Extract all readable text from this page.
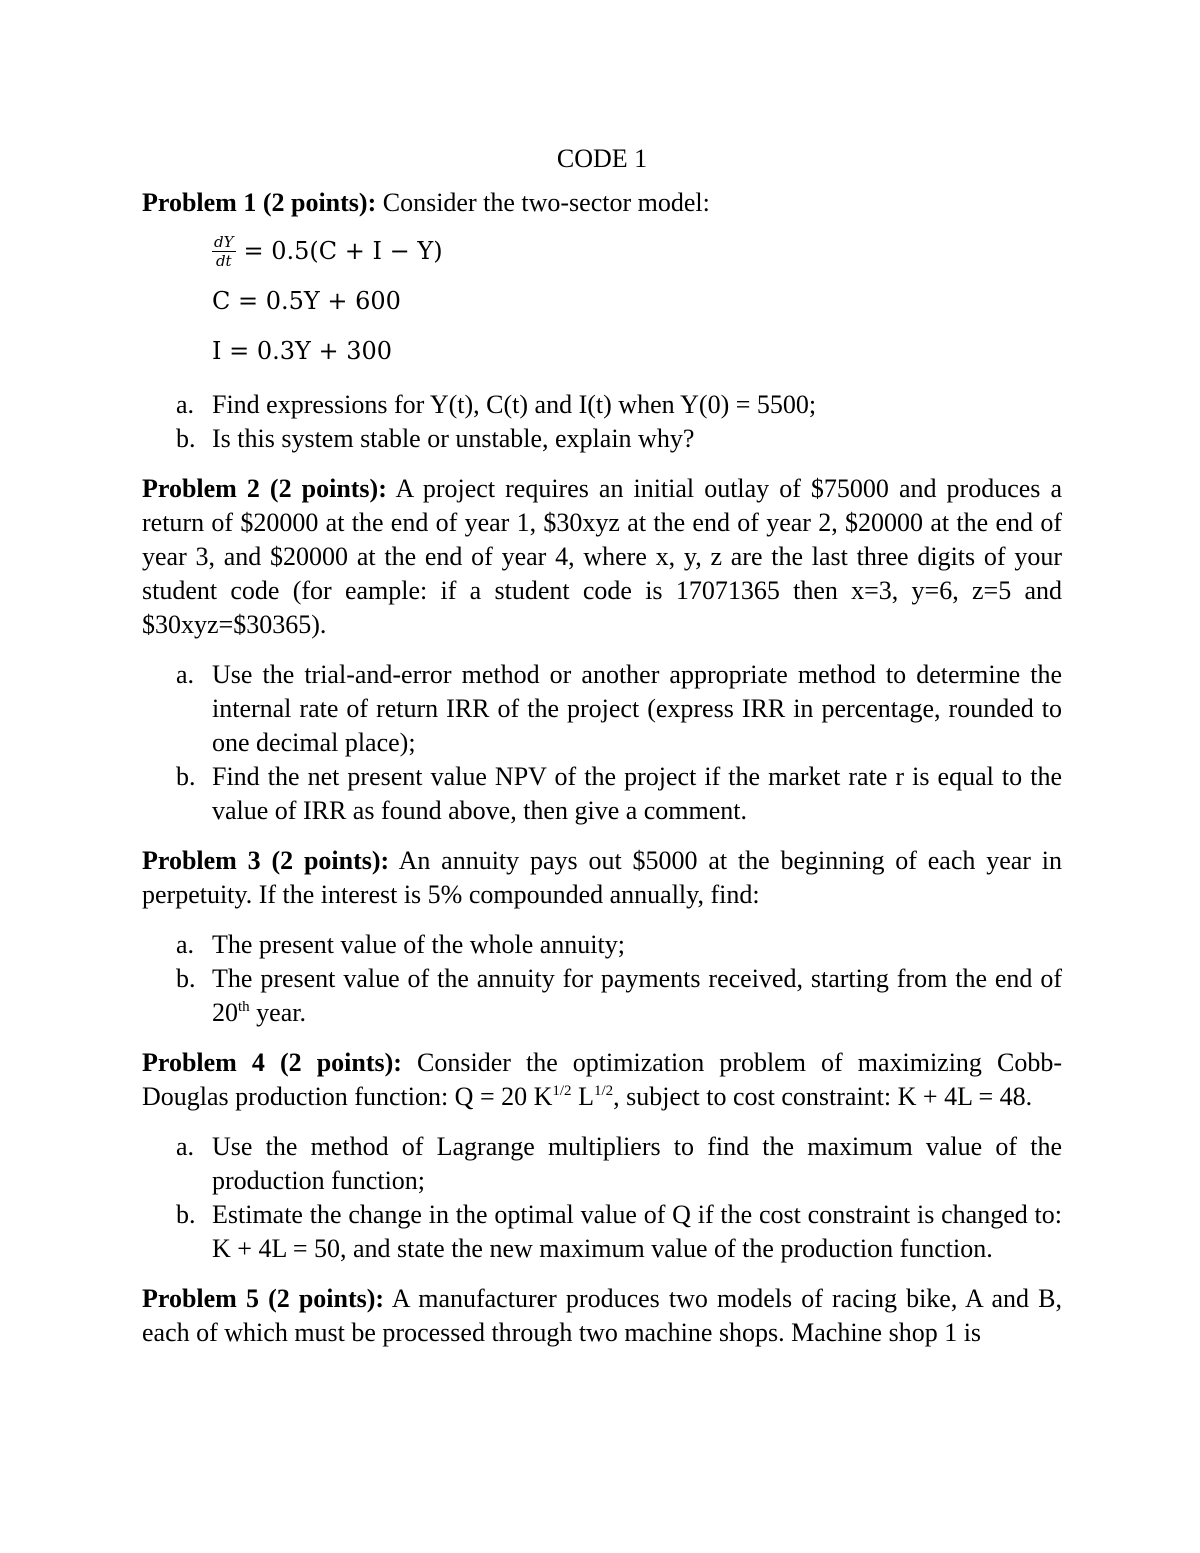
CODE 1

Problem 1 (2 points): Consider the two-sector model:

$\frac{dY}{dt} = 0.5(C + I - Y)$
C = 0.5Y + 600
I = 0.3Y + 300
a. Find expressions for Y(t), C(t) and I(t) when Y(0) = 5500;
b. Is this system stable or unstable, explain why?

Problem 2 (2 points): A project requires an initial outlay of $75000 and produces a return of $20000 at the end of year 1, $30xyz at the end of year 2, $20000 at the end of year 3, and $20000 at the end of year 4, where x, y, z are the last three digits of your student code (for eample: if a student code is 17071365 then x=3, y=6, z=5 and $30xyz=$30365).

a. Use the trial-and-error method or another appropriate method to determine the internal rate of return IRR of the project (express IRR in percentage, rounded to one decimal place);
b. Find the net present value NPV of the project if the market rate r is equal to the value of IRR as found above, then give a comment.

Problem 3 (2 points): An annuity pays out $5000 at the beginning of each year in perpetuity. If the interest is 5% compounded annually, find:

a. The present value of the whole annuity;
b. The present value of the annuity for payments received, starting from the end of 20th year.

Problem 4 (2 points): Consider the optimization problem of maximizing Cobb-Douglas production function: Q = 20 $K^{1/2}$ $L^{1/2}$, subject to cost constraint: K + 4L = 48.

a. Use the method of Lagrange multipliers to find the maximum value of the production function;
b. Estimate the change in the optimal value of Q if the cost constraint is changed to: K + 4L = 50, and state the new maximum value of the production function.

Problem 5 (2 points): A manufacturer produces two models of racing bike, A and B, each of which must be processed through two machine shops. Machine shop 1 is
